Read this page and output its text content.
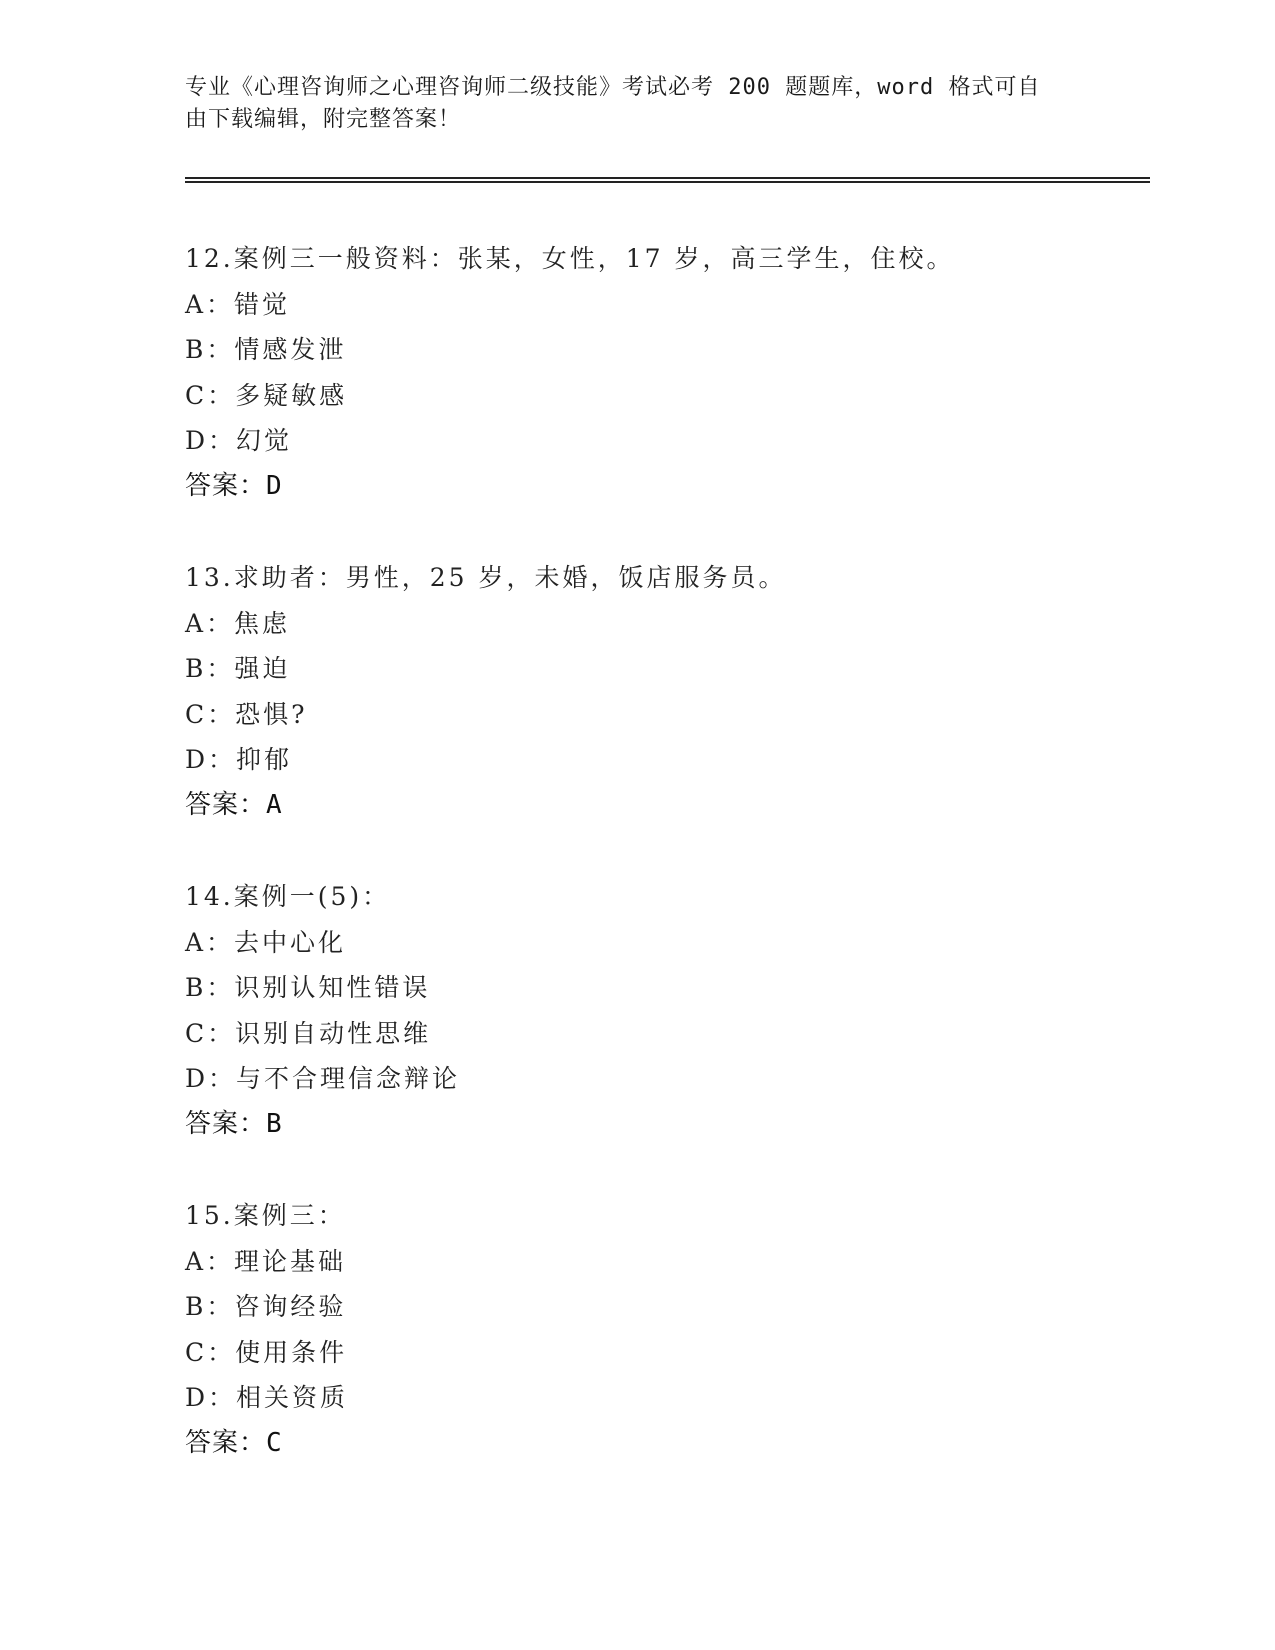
专业《心理咨询师之心理咨询师二级技能》考试必考 200 题题库，word 格式可自
由下载编辑，附完整答案！
12.案例三一般资料：张某，女性，17 岁，高三学生，住校。
A：错觉
B：情感发泄
C：多疑敏感
D：幻觉
答案：D
13.求助者：男性，25 岁，未婚，饭店服务员。
A：焦虑
B：强迫
C：恐惧?
D：抑郁
答案：A
14.案例一(5)：
A：去中心化
B：识别认知性错误
C：识别自动性思维
D：与不合理信念辩论
答案：B
15.案例三：
A：理论基础
B：咨询经验
C：使用条件
D：相关资质
答案：C
